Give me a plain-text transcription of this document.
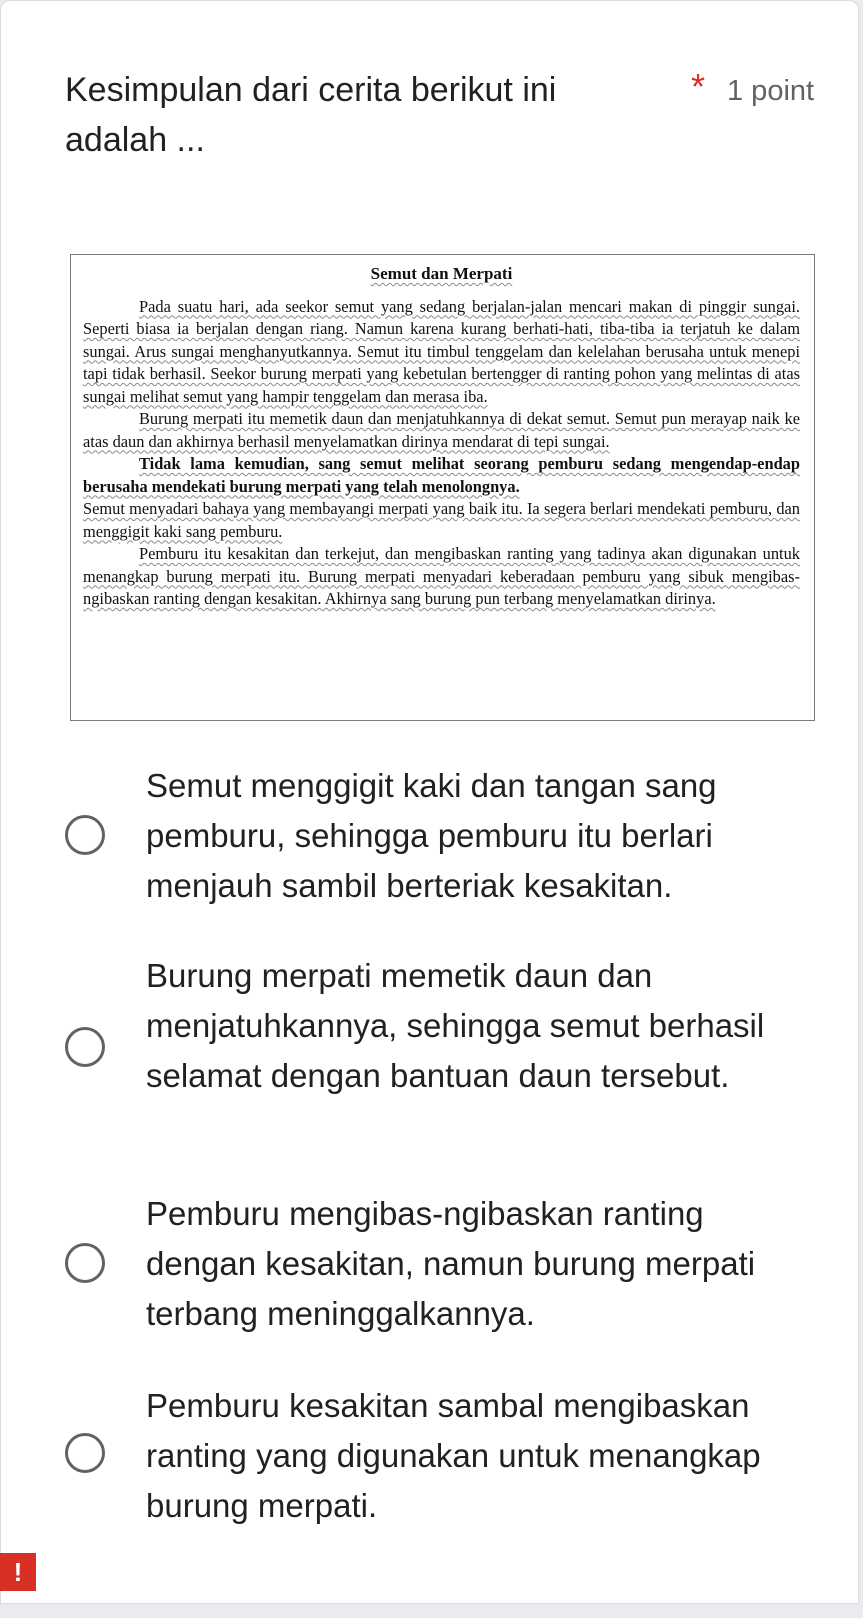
Kesimpulan dari cerita berikut ini adalah ...
* 1 point
Semut dan Merpati

Pada suatu hari, ada seekor semut yang sedang berjalan-jalan mencari makan di pinggir sungai. Seperti biasa ia berjalan dengan riang. Namun karena kurang berhati-hati, tiba-tiba ia terjatuh ke dalam sungai. Arus sungai menghanyutkannya. Semut itu timbul tenggelam dan kelelahan berusaha untuk menepi tapi tidak berhasil. Seekor burung merpati yang kebetulan bertengger di ranting pohon yang melintas di atas sungai melihat semut yang hampir tenggelam dan merasa iba.

Burung merpati itu memetik daun dan menjatuhkannya di dekat semut. Semut pun merayap naik ke atas daun dan akhirnya berhasil menyelamatkan dirinya mendarat di tepi sungai.

Tidak lama kemudian, sang semut melihat seorang pemburu sedang mengendap-endap berusaha mendekati burung merpati yang telah menolongnya.

Semut menyadari bahaya yang membayangi merpati yang baik itu. Ia segera berlari mendekati pemburu, dan menggigit kaki sang pemburu.

Pemburu itu kesakitan dan terkejut, dan mengibaskan ranting yang tadinya akan digunakan untuk menangkap burung merpati itu. Burung merpati menyadari keberadaan pemburu yang sibuk mengibas-ngibaskan ranting dengan kesakitan. Akhirnya sang burung pun terbang menyelamatkan dirinya.

Semut menggigit kaki dan tangan sang pemburu, sehingga pemburu itu berlari menjauh sambil berteriak kesakitan.
Burung merpati memetik daun dan menjatuhkannya, sehingga semut berhasil selamat dengan bantuan daun tersebut.
Pemburu mengibas-ngibaskan ranting dengan kesakitan, namun burung merpati terbang meninggalkannya.
Pemburu kesakitan sambal mengibaskan ranting yang digunakan untuk menangkap burung merpati.
!
